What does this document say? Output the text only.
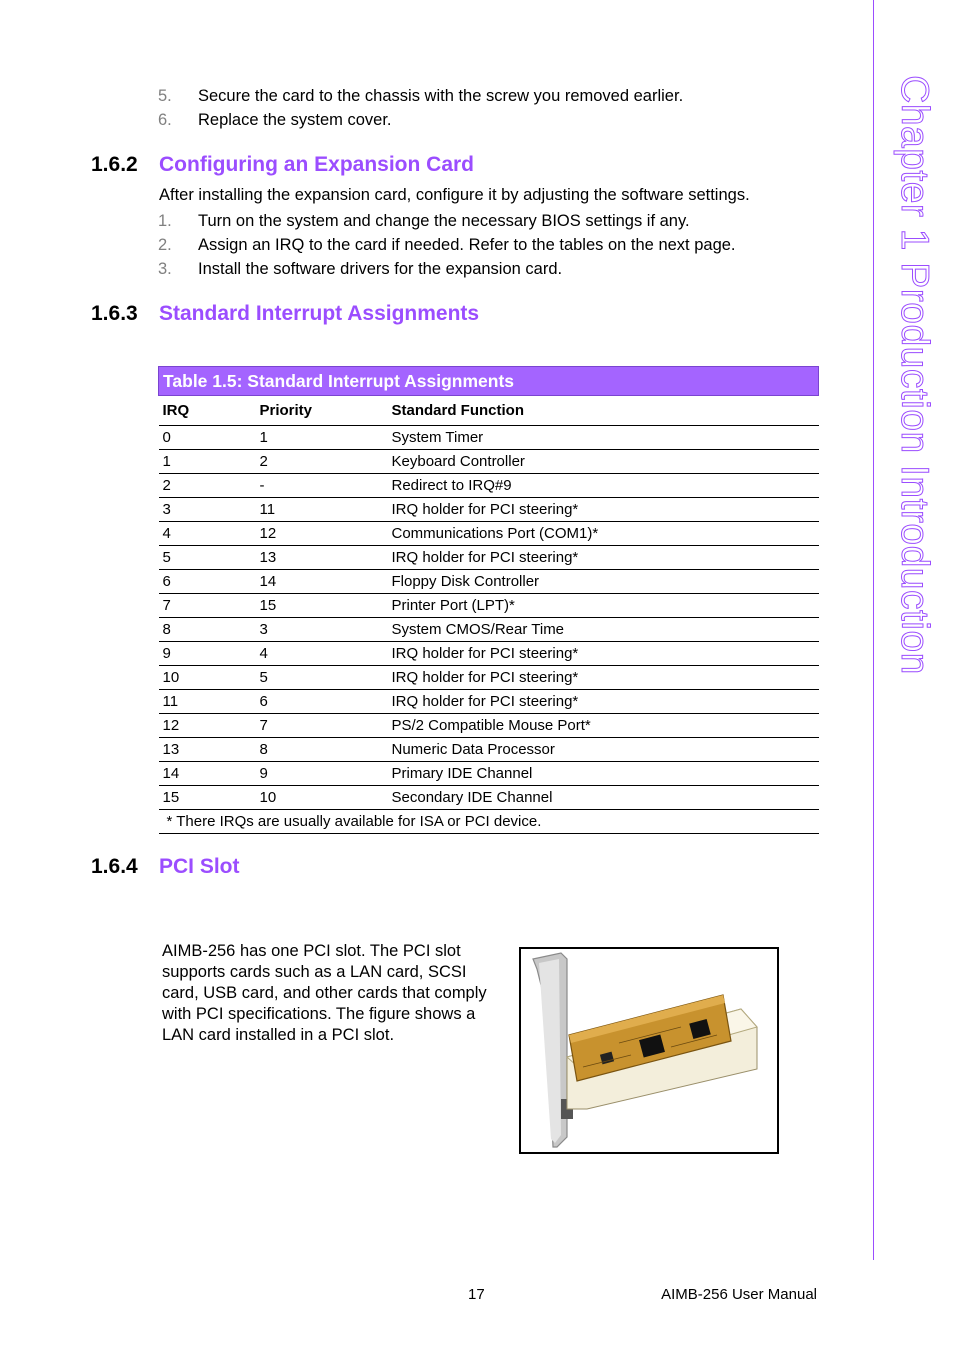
Chapter 1 Production Introduction
5. Secure the card to the chassis with the screw you removed earlier.
6. Replace the system cover.
1.6.2 Configuring an Expansion Card

After installing the expansion card, configure it by adjusting the software settings.

1. Turn on the system and change the necessary BIOS settings if any.
2. Assign an IRQ to the card if needed. Refer to the tables on the next page.
3. Install the software drivers for the expansion card.
1.6.3 Standard Interrupt Assignments
Table 1.5: Standard Interrupt Assignments		
IRQ	Priority	Standard Function
0	1	System Timer
1	2	Keyboard Controller
2	-	Redirect to IRQ#9
3	11	IRQ holder for PCI steering*
4	12	Communications Port (COM1)*
5	13	IRQ holder for PCI steering*
6	14	Floppy Disk Controller
7	15	Printer Port (LPT)*
8	3	System CMOS/Rear Time
9	4	IRQ holder for PCI steering*
10	5	IRQ holder for PCI steering*
11	6	IRQ holder for PCI steering*
12	7	PS/2 Compatible Mouse Port*
13	8	Numeric Data Processor
14	9	Primary IDE Channel
15	10	Secondary IDE Channel
* There IRQs are usually available for ISA or PCI device.		
1.6.4 PCI Slot

AIMB-256 has one PCI slot. The PCI slot supports cards such as a LAN card, SCSI card, USB card, and other cards that comply with PCI specifications. The figure shows a LAN card installed in a PCI slot.

17	AIMB-256 User Manual
